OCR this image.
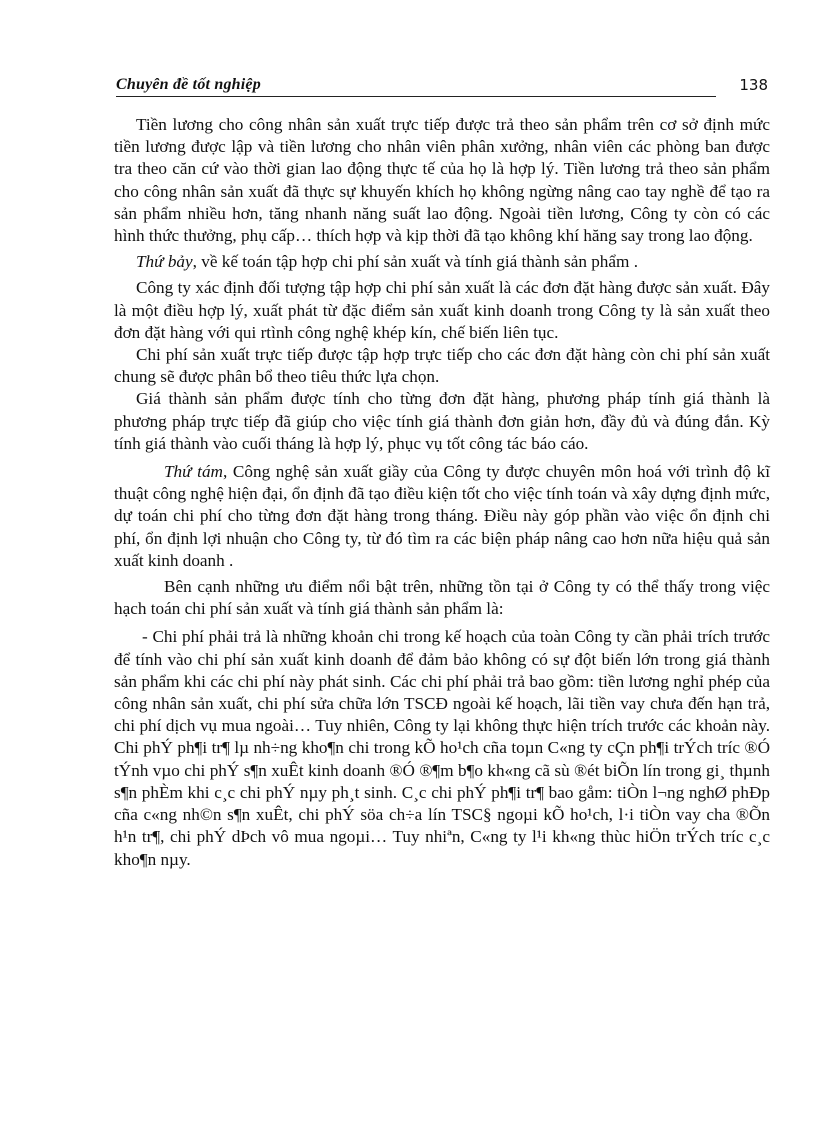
Chuyên đề tốt nghiệp	138

Tiền lương cho công nhân sản xuất trực tiếp được trả theo sản phẩm trên cơ sở định mức tiền lương được lập và tiền lương cho nhân viên phân xưởng, nhân viên các phòng ban được tra theo căn cứ vào thời gian lao động thực tế của họ là hợp lý. Tiền lương trả theo sản phẩm cho công nhân sản xuất đã thực sự khuyến khích họ không ngừng nâng cao tay nghề để tạo ra sản phẩm nhiều hơn, tăng nhanh năng suất lao động. Ngoài tiền lương, Công ty còn có các hình thức thưởng, phụ cấp… thích hợp và kịp thời đã tạo không khí hăng say trong lao động.

Thứ bảy, về kế toán tập hợp chi phí sản xuất và tính giá thành sản phẩm .

Công ty xác định đối tượng tập hợp chi phí sản xuất là các đơn đặt hàng được sản xuất. Đây là một điều hợp lý, xuất phát từ đặc điểm sản xuất kinh doanh trong Công ty là sản xuất theo đơn đặt hàng với qui rtình công nghệ khép kín, chế biến liên tục.

Chi phí sản xuất trực tiếp được tập hợp trực tiếp cho các đơn đặt hàng còn chi phí sản xuất chung sẽ được phân bổ theo tiêu thức lựa chọn.

Giá thành sản phẩm được tính cho từng đơn đặt hàng, phương pháp tính giá thành là phương pháp trực tiếp đã giúp cho việc tính giá thành đơn giản hơn, đầy đủ và đúng đắn. Kỳ tính giá thành vào cuối tháng là hợp lý, phục vụ tốt công tác báo cáo.

Thứ tám, Công nghệ sản xuất giầy của Công ty được chuyên môn hoá với trình độ kĩ thuật công nghệ hiện đại, ổn định đã tạo điều kiện tốt cho việc tính toán và xây dựng định mức, dự toán chi phí cho từng đơn đặt hàng trong tháng. Điều này góp phần vào việc ổn định chi phí, ổn định lợi nhuận cho Công ty, từ đó tìm ra các biện pháp nâng cao hơn nữa hiệu quả sản xuất kinh doanh .

Bên cạnh những ưu điểm nổi bật trên, những tồn tại ở Công ty có thể thấy trong việc hạch toán chi phí sản xuất và tính giá thành sản phẩm là:

- Chi phí phải trả là những khoản chi trong kế hoạch của toàn Công ty cần phải trích trước để tính vào chi phí sản xuất kinh doanh để đảm bảo không có sự đột biến lớn trong giá thành sản phẩm khi các chi phí này phát sinh. Các chi phí phải trả bao gồm: tiền lương nghỉ phép của công nhân sản xuất, chi phí sửa chữa lớn TSCĐ ngoài kế hoạch, lãi tiền vay chưa đến hạn trả, chi phí dịch vụ mua ngoài… Tuy nhiên, Công ty lại không thực hiện trích trước các khoản này. Chi phÝ ph¶i tr¶ lµ nh÷ng kho¶n chi trong kÕ ho¹ch cña toµn C«ng ty cÇn ph¶i trÝch tríc ®Ó tÝnh vµo chi phÝ s¶n xuÊt kinh doanh ®Ó ®¶m b¶o kh«ng cã sù ®ét biÕn lín trong gi¸ thµnh s¶n phÈm khi c¸c chi phÝ nµy ph¸t sinh. C¸c chi phÝ ph¶i tr¶ bao gåm: tiÒn l¬ng nghØ phÐp cña c«ng nh©n s¶n xuÊt, chi phÝ söa ch÷a lín TSC§ ngoµi kÕ ho¹ch, l·i tiÒn vay cha ®Õn h¹n tr¶, chi phÝ dÞch vô mua ngoµi… Tuy nhiªn, C«ng ty l¹i kh«ng thùc hiÖn trÝch tríc c¸c kho¶n nµy.
